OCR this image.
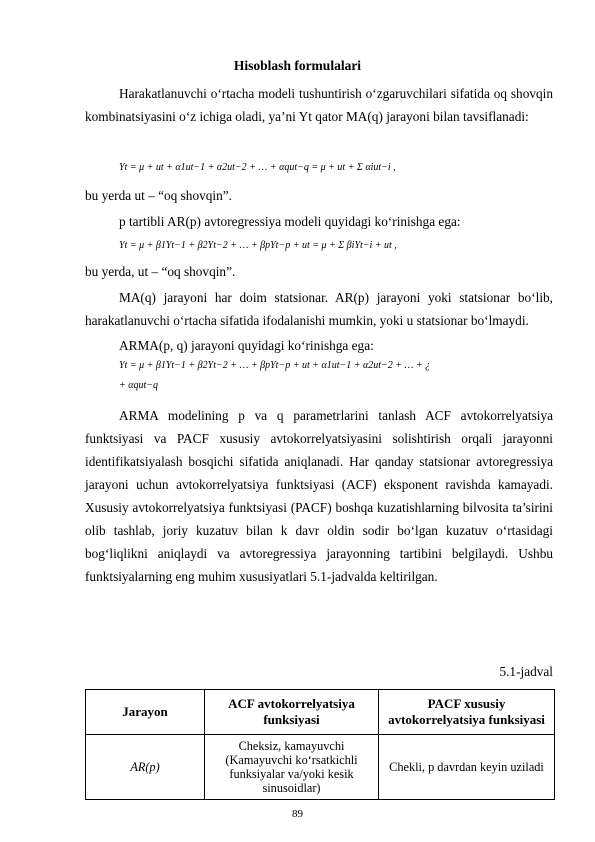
Hisoblash formulalari
Harakatlanuvchi o‘rtacha modeli tushuntirish o‘zgaruvchilari sifatida oq shovqin kombinatsiyasini o‘z ichiga oladi, ya’ni Yt qator MA(q) jarayoni bilan tavsiflanadi:
Yt = μ + ut + α1ut−1 + α2ut−2 + … + αqut−q = μ + ut + Σ αiut−i ,
bu yerda ut – “oq shovqin”.
p tartibli AR(p) avtoregressiya modeli quyidagi ko‘rinishga ega:
Yt = μ + β1Yt−1 + β2Yt−2 + … + βpYt−p + ut = μ + Σ βiYt−i + ut ,
bu yerda, ut – “oq shovqin”.
MA(q) jarayoni har doim statsionar. AR(p) jarayoni yoki statsionar bo‘lib, harakatlanuvchi o‘rtacha sifatida ifodalanishi mumkin, yoki u statsionar bo‘lmaydi.
ARMA(p, q) jarayoni quyidagi ko‘rinishga ega:
Yt = μ + β1Yt−1 + β2Yt−2 + … + βpYt−p + ut + α1ut−1 + α2ut−2 + … + ¿
+ αqut−q
ARMA modelining p va q parametrlarini tanlash ACF avtokorrelyatsiya funktsiyasi va PACF xususiy avtokorrelyatsiyasini solishtirish orqali jarayonni identifikatsiyalash bosqichi sifatida aniqlanadi. Har qanday statsionar avtoregressiya jarayoni uchun avtokorrelyatsiya funktsiyasi (ACF) eksponent ravishda kamayadi. Xususiy avtokorrelyatsiya funktsiyasi (PACF) boshqa kuzatishlarning bilvosita ta’sirini olib tashlab, joriy kuzatuv bilan k davr oldin sodir bo‘lgan kuzatuv o‘rtasidagi bog‘liqlikni aniqlaydi va avtoregressiya jarayonning tartibini belgilaydi. Ushbu funktsiyalarning eng muhim xususiyatlari 5.1-jadvalda keltirilgan.
5.1-jadval
Jarayon	ACF avtokorrelyatsiya funksiyasi	PACF xususiy avtokorrelyatsiya funksiyasi
AR(p)	Cheksiz, kamayuvchi (Kamayuvchi ko‘rsatkichli funksiyalar va/yoki kesik sinusoidlar)	Chekli, p davrdan keyin uziladi
89
